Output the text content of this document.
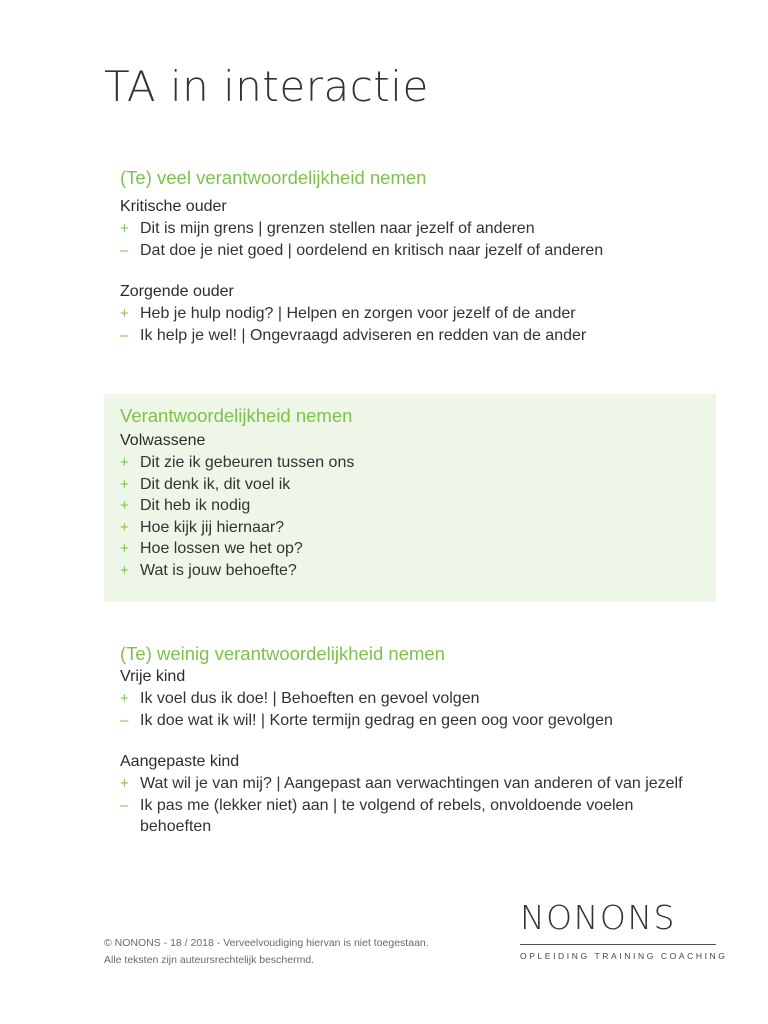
TA in interactie
(Te) veel verantwoordelijkheid nemen
Kritische ouder
+ Dit is mijn grens | grenzen stellen naar jezelf of anderen
– Dat doe je niet goed | oordelend en kritisch naar jezelf of anderen
Zorgende ouder
+ Heb je hulp nodig? | Helpen en zorgen voor jezelf of de ander
– Ik help je wel! | Ongevraagd adviseren en redden van de ander
Verantwoordelijkheid nemen
Volwassene
+ Dit zie ik gebeuren tussen ons
+ Dit denk ik, dit voel ik
+ Dit heb ik nodig
+ Hoe kijk jij hiernaar?
+ Hoe lossen we het op?
+ Wat is jouw behoefte?
(Te) weinig verantwoordelijkheid nemen
Vrije kind
+ Ik voel dus ik doe! | Behoeften en gevoel volgen
– Ik doe wat ik wil! | Korte termijn gedrag en geen oog voor gevolgen
Aangepaste kind
+ Wat wil je van mij? | Aangepast aan verwachtingen van anderen of van jezelf
– Ik pas me (lekker niet) aan | te volgend of rebels, onvoldoende voelen behoeften
© NONONS - 18 / 2018 - Verveelvoudiging hiervan is niet toegestaan. Alle teksten zijn auteursrechtelijk beschermd.
NONONS
OPLEIDING TRAINING COACHING
